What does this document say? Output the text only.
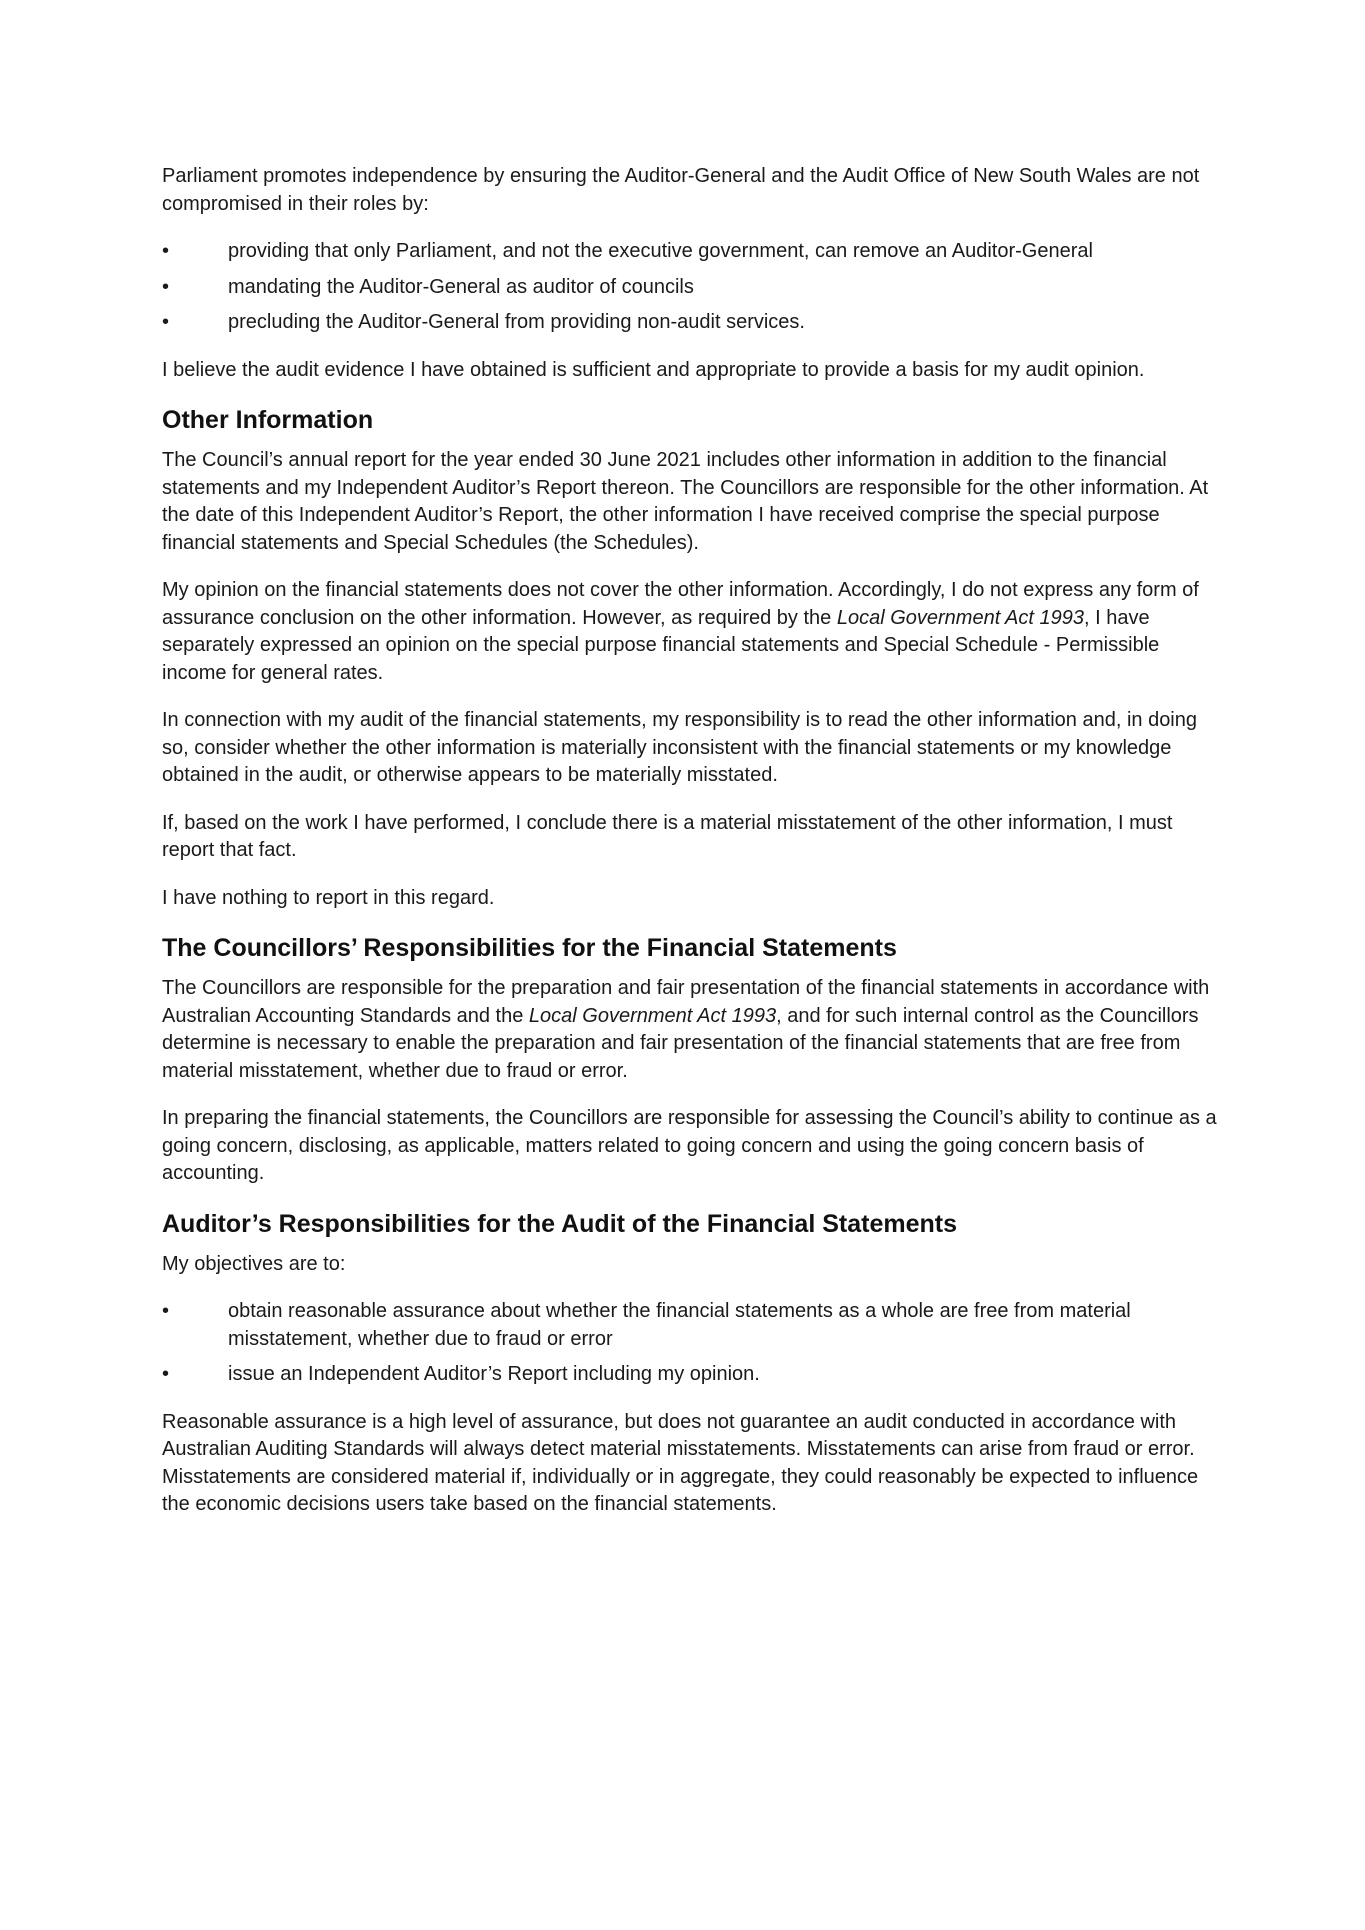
Parliament promotes independence by ensuring the Auditor-General and the Audit Office of New South Wales are not compromised in their roles by:

•	providing that only Parliament, and not the executive government, can remove an Auditor-General
•	mandating the Auditor-General as auditor of councils
•	precluding the Auditor-General from providing non-audit services.

I believe the audit evidence I have obtained is sufficient and appropriate to provide a basis for my audit opinion.

Other Information

The Council’s annual report for the year ended 30 June 2021 includes other information in addition to the financial statements and my Independent Auditor’s Report thereon. The Councillors are responsible for the other information. At the date of this Independent Auditor’s Report, the other information I have received comprise the special purpose financial statements and Special Schedules (the Schedules).

My opinion on the financial statements does not cover the other information. Accordingly, I do not express any form of assurance conclusion on the other information. However, as required by the Local Government Act 1993, I have separately expressed an opinion on the special purpose financial statements and Special Schedule - Permissible income for general rates.

In connection with my audit of the financial statements, my responsibility is to read the other information and, in doing so, consider whether the other information is materially inconsistent with the financial statements or my knowledge obtained in the audit, or otherwise appears to be materially misstated.

If, based on the work I have performed, I conclude there is a material misstatement of the other information, I must report that fact.

I have nothing to report in this regard.

The Councillors’ Responsibilities for the Financial Statements

The Councillors are responsible for the preparation and fair presentation of the financial statements in accordance with Australian Accounting Standards and the Local Government Act 1993, and for such internal control as the Councillors determine is necessary to enable the preparation and fair presentation of the financial statements that are free from material misstatement, whether due to fraud or error.

In preparing the financial statements, the Councillors are responsible for assessing the Council’s ability to continue as a going concern, disclosing, as applicable, matters related to going concern and using the going concern basis of accounting.

Auditor’s Responsibilities for the Audit of the Financial Statements

My objectives are to:

•	obtain reasonable assurance about whether the financial statements as a whole are free from material misstatement, whether due to fraud or error
•	issue an Independent Auditor’s Report including my opinion.

Reasonable assurance is a high level of assurance, but does not guarantee an audit conducted in accordance with Australian Auditing Standards will always detect material misstatements. Misstatements can arise from fraud or error. Misstatements are considered material if, individually or in aggregate, they could reasonably be expected to influence the economic decisions users take based on the financial statements.
